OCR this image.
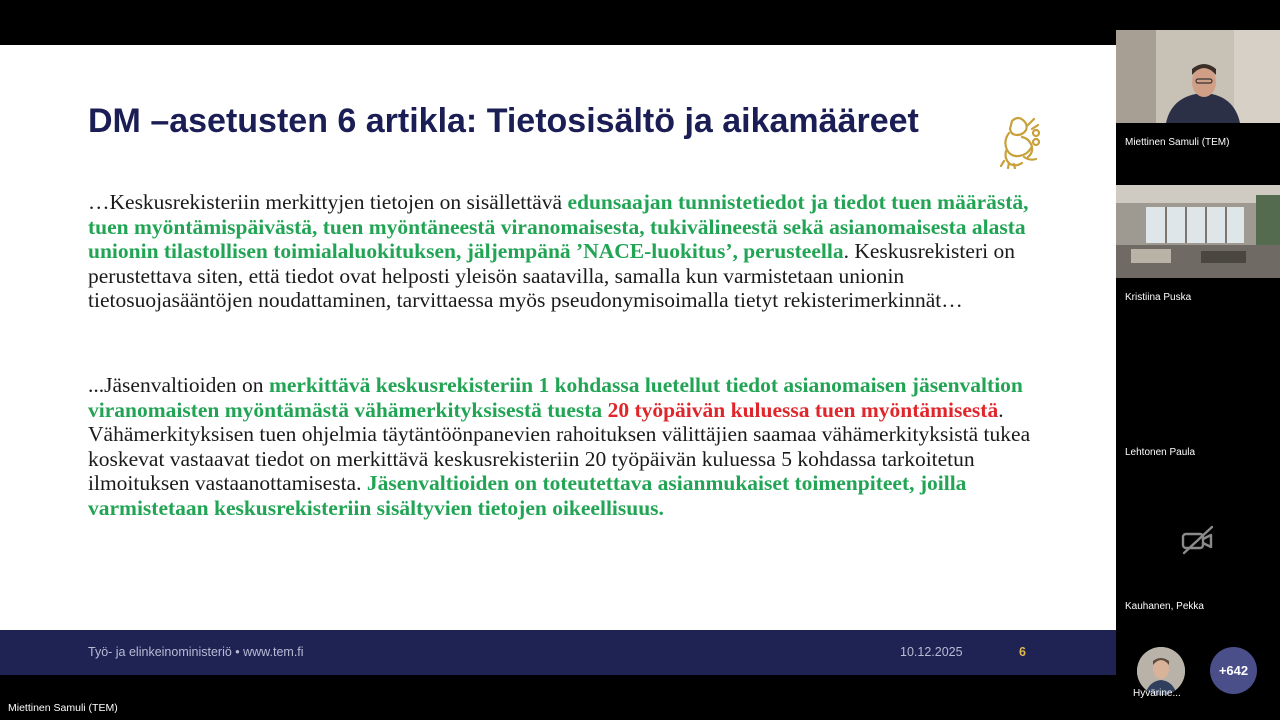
DM –asetusten 6 artikla: Tietosisältö ja aikamääreet

…Keskusrekisteriin merkittyjen tietojen on sisällettävä edunsaajan tunnistetiedot ja tiedot tuen määrästä, tuen myöntämispäivästä, tuen myöntäneestä viranomaisesta, tukivälineestä sekä asianomaisesta alasta unionin tilastollisen toimialaluokituksen, jäljempänä ’NACE-luokitus’, perusteella. Keskusrekisteri on perustettava siten, että tiedot ovat helposti yleisön saatavilla, samalla kun varmistetaan unionin tietosuojasääntöjen noudattaminen, tarvittaessa myös pseudonymisoimalla tietyt rekisterimerkinnät…

...Jäsenvaltioiden on merkittävä keskusrekisteriin 1 kohdassa luetellut tiedot asianomaisen jäsenvaltion viranomaisten myöntämästä vähämerkityksisestä tuesta 20 työpäivän kuluessa tuen myöntämisestä. Vähämerkityksisen tuen ohjelmia täytäntöönpanevien rahoituksen välittäjien saamaa vähämerkityksistä tukea koskevat vastaavat tiedot on merkittävä keskusrekisteriin 20 työpäivän kuluessa 5 kohdassa tarkoitetun ilmoituksen vastaanottamisesta. Jäsenvaltioiden on toteutettava asianmukaiset toimenpiteet, joilla varmistetaan keskusrekisteriin sisältyvien tietojen oikeellisuus.

Työ- ja elinkeinoministeriö • www.tem.fi	10.12.2025	6
Miettinen Samuli (TEM)
Miettinen Samuli (TEM)
Kristiina Puska
Lehtonen Paula
Kauhanen, Pekka
Hyvärine...
+642
